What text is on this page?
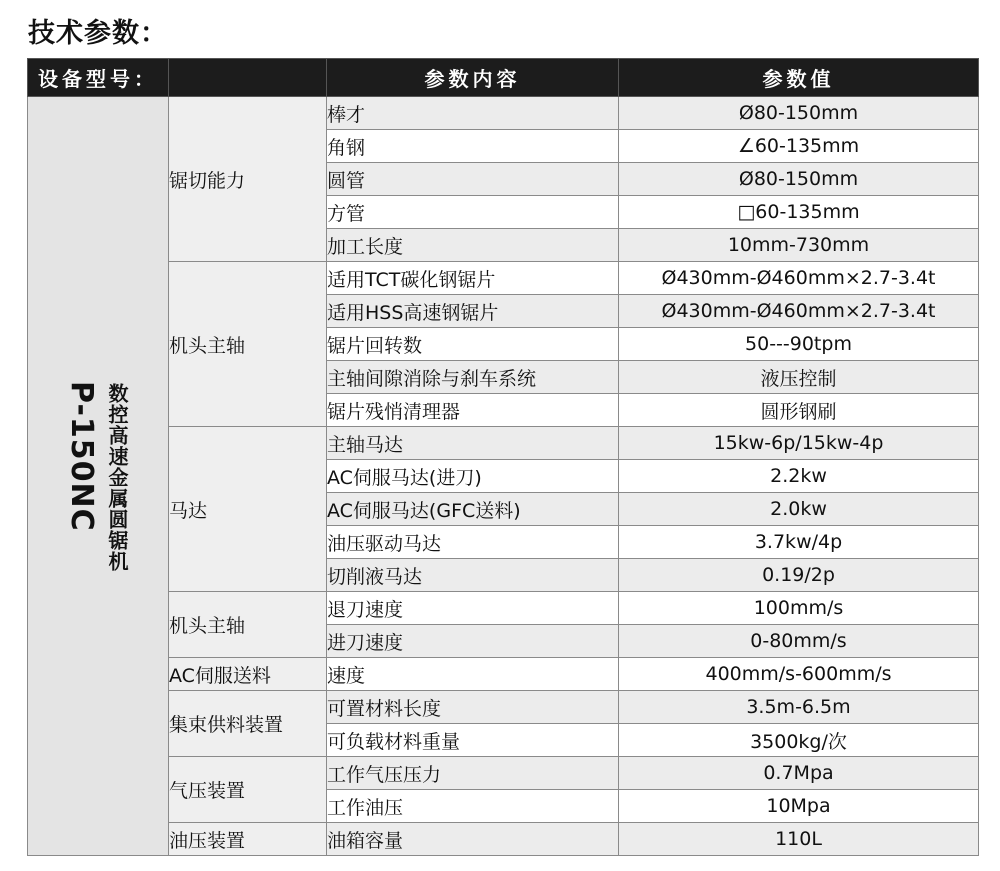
技术参数：
设备型号：		参数内容	参数值

P-150NC 数控高速金属圆锯机	锯切能力	棒才	Ø80-150mm
		角钢	∠60-135mm
		圆管	Ø80-150mm
		方管	□60-135mm
		加工长度	10mm-730mm
	机头主轴	适用TCT碳化钢锯片	Ø430mm-Ø460mm×2.7-3.4t
		适用HSS高速钢锯片	Ø430mm-Ø460mm×2.7-3.4t
		锯片回转数	50---90tpm
		主轴间隙消除与刹车系统	液压控制
		锯片残悄清理器	圆形钢刷
	马达	主轴马达	15kw-6p/15kw-4p
		AC伺服马达(进刀)	2.2kw
		AC伺服马达(GFC送料)	2.0kw
		油压驱动马达	3.7kw/4p
		切削液马达	0.19/2p
	机头主轴	退刀速度	100mm/s
		进刀速度	0-80mm/s
	AC伺服送料	速度	400mm/s-600mm/s
	集束供料装置	可置材料长度	3.5m-6.5m
		可负载材料重量	3500kg/次
	气压装置	工作气压压力	0.7Mpa
		工作油压	10Mpa
	油压装置	油箱容量	110L
